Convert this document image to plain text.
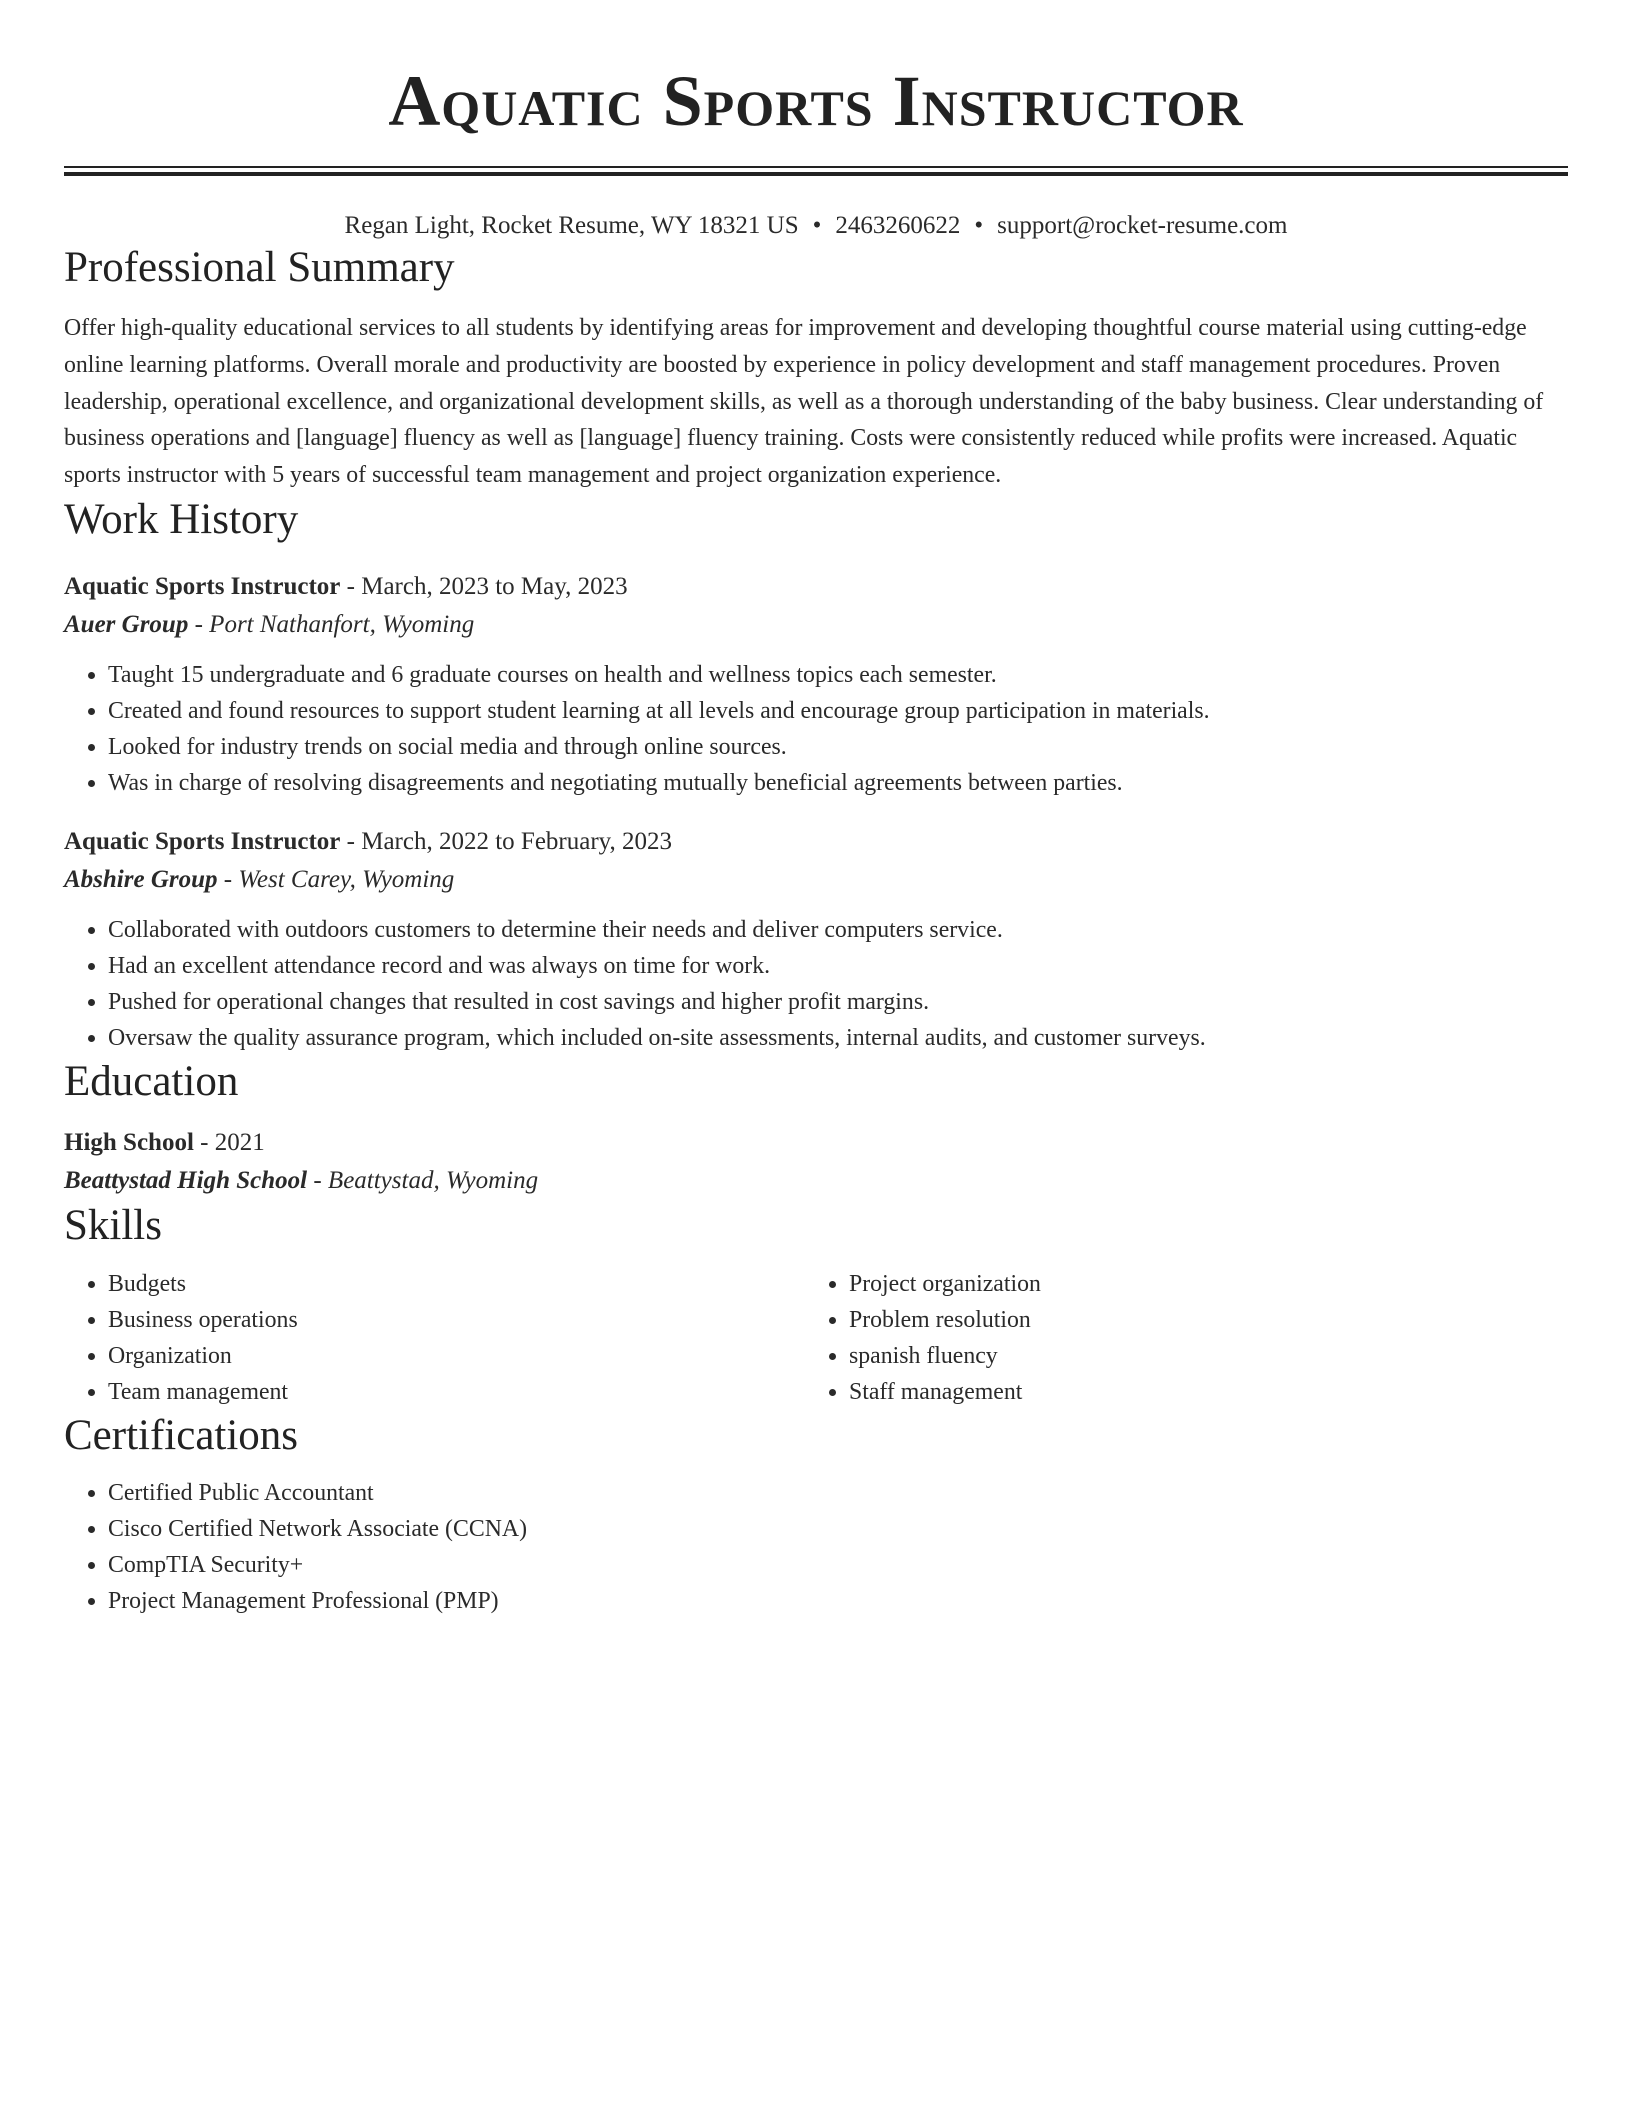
Aquatic Sports Instructor
Regan Light, Rocket Resume, WY 18321 US • 2463260622 • support@rocket-resume.com
Professional Summary

Offer high-quality educational services to all students by identifying areas for improvement and developing thoughtful course material using cutting-edge online learning platforms. Overall morale and productivity are boosted by experience in policy development and staff management procedures. Proven leadership, operational excellence, and organizational development skills, as well as a thorough understanding of the baby business. Clear understanding of business operations and [language] fluency as well as [language] fluency training. Costs were consistently reduced while profits were increased. Aquatic sports instructor with 5 years of successful team management and project organization experience.

Work History

Aquatic Sports Instructor - March, 2023 to May, 2023

Auer Group - Port Nathanfort, Wyoming

• Taught 15 undergraduate and 6 graduate courses on health and wellness topics each semester.
• Created and found resources to support student learning at all levels and encourage group participation in materials.
• Looked for industry trends on social media and through online sources.
• Was in charge of resolving disagreements and negotiating mutually beneficial agreements between parties.

Aquatic Sports Instructor - March, 2022 to February, 2023

Abshire Group - West Carey, Wyoming

• Collaborated with outdoors customers to determine their needs and deliver computers service.
• Had an excellent attendance record and was always on time for work.
• Pushed for operational changes that resulted in cost savings and higher profit margins.
• Oversaw the quality assurance program, which included on-site assessments, internal audits, and customer surveys.
Education

High School - 2021

Beattystad High School - Beattystad, Wyoming

Skills
• Budgets
• Business operations
• Organization
• Team management
• Project organization
• Problem resolution
• spanish fluency
• Staff management
Certifications
• Certified Public Accountant
• Cisco Certified Network Associate (CCNA)
• CompTIA Security+
• Project Management Professional (PMP)
